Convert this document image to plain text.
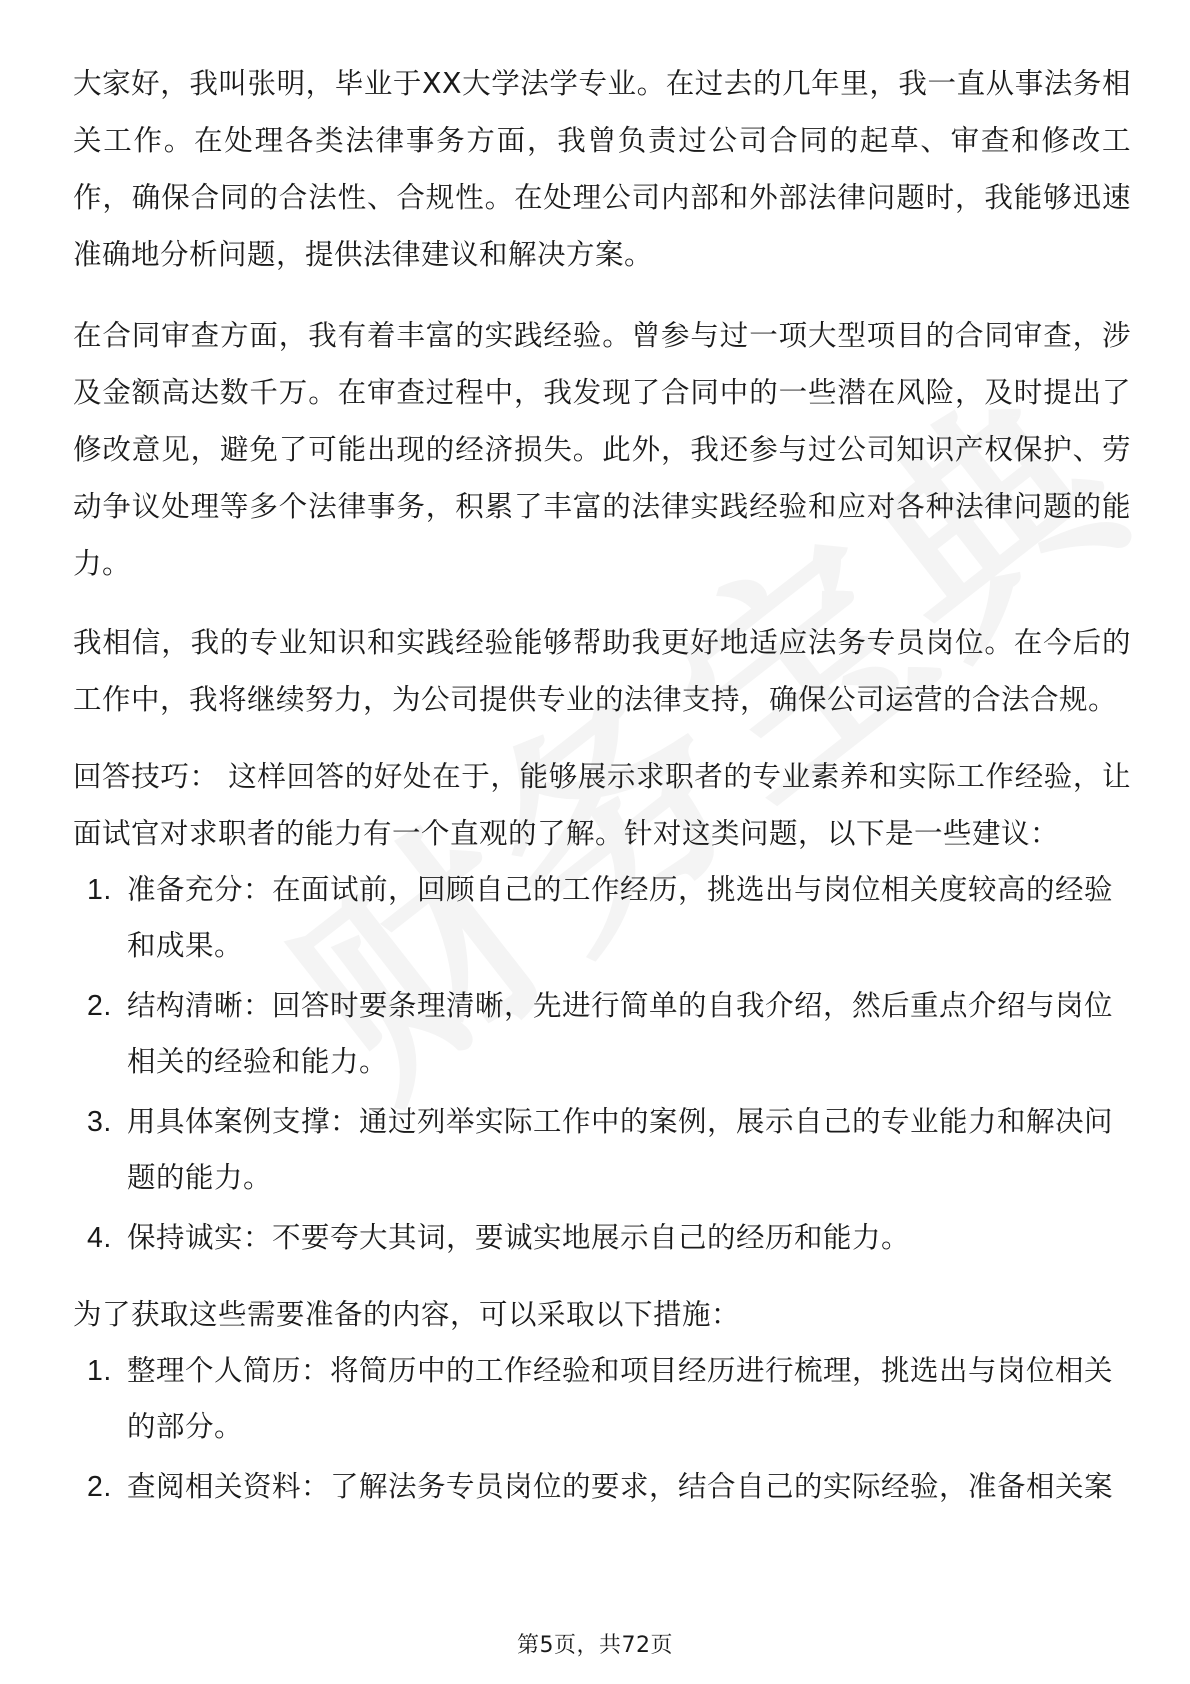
大家好，我叫张明，毕业于XX大学法学专业。在过去的几年里，我一直从事法务相关工作。在处理各类法律事务方面，我曾负责过公司合同的起草、审查和修改工作，确保合同的合法性、合规性。在处理公司内部和外部法律问题时，我能够迅速准确地分析问题，提供法律建议和解决方案。

在合同审查方面，我有着丰富的实践经验。曾参与过一项大型项目的合同审查，涉及金额高达数千万。在审查过程中，我发现了合同中的一些潜在风险，及时提出了修改意见，避免了可能出现的经济损失。此外，我还参与过公司知识产权保护、劳动争议处理等多个法律事务，积累了丰富的法律实践经验和应对各种法律问题的能力。

我相信，我的专业知识和实践经验能够帮助我更好地适应法务专员岗位。在今后的工作中，我将继续努力，为公司提供专业的法律支持，确保公司运营的合法合规。

回答技巧： 这样回答的好处在于，能够展示求职者的专业素养和实际工作经验，让面试官对求职者的能力有一个直观的了解。针对这类问题，以下是一些建议：

1. 准备充分：在面试前，回顾自己的工作经历，挑选出与岗位相关度较高的经验和成果。
2. 结构清晰：回答时要条理清晰，先进行简单的自我介绍，然后重点介绍与岗位相关的经验和能力。
3. 用具体案例支撑：通过列举实际工作中的案例，展示自己的专业能力和解决问题的能力。
4. 保持诚实：不要夸大其词，要诚实地展示自己的经历和能力。

为了获取这些需要准备的内容，可以采取以下措施：

1. 整理个人简历：将简历中的工作经验和项目经历进行梳理，挑选出与岗位相关的部分。
2. 查阅相关资料：了解法务专员岗位的要求，结合自己的实际经验，准备相关案
第5页，共72页
